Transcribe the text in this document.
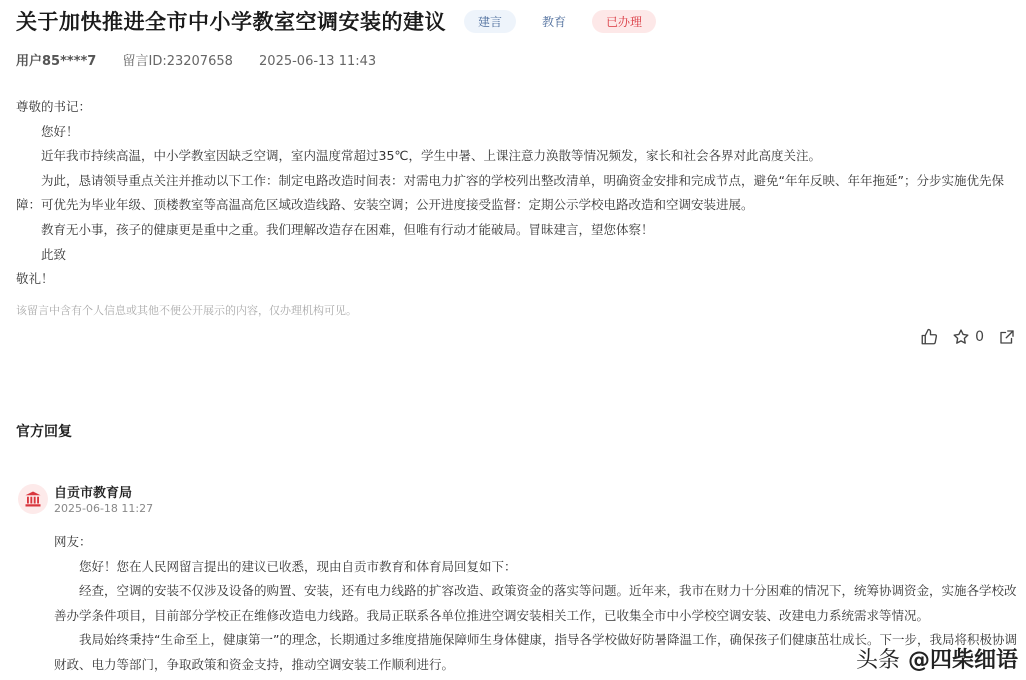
关于加快推进全市中小学教室空调安装的建议	建言	教育	已办理
用户85****7 留言ID:23207658 2025-06-13 11:43

尊敬的书记：

您好！

近年我市持续高温，中小学教室因缺乏空调，室内温度常超过35℃，学生中暑、上课注意力涣散等情况频发，家长和社会各界对此高度关注。

为此，恳请领导重点关注并推动以下工作：制定电路改造时间表：对需电力扩容的学校列出整改清单，明确资金安排和完成节点，避免“年年反映、年年拖延”；分步实施优先保障：可优先为毕业年级、顶楼教室等高温高危区域改造线路、安装空调；公开进度接受监督：定期公示学校电路改造和空调安装进展。

教育无小事，孩子的健康更是重中之重。我们理解改造存在困难，但唯有行动才能破局。冒昧建言，望您体察！

此致

敬礼！

该留言中含有个人信息或其他不便公开展示的内容，仅办理机构可见。
0
官方回复
自贡市教育局
2025-06-18 11:27

网友：

您好！您在人民网留言提出的建议已收悉，现由自贡市教育和体育局回复如下：

经查，空调的安装不仅涉及设备的购置、安装，还有电力线路的扩容改造、政策资金的落实等问题。近年来，我市在财力十分困难的情况下，统筹协调资金，实施各学校改善办学条件项目，目前部分学校正在维修改造电力线路。我局正联系各单位推进空调安装相关工作，已收集全市中小学校空调安装、改建电力系统需求等情况。

我局始终秉持“生命至上，健康第一”的理念，长期通过多维度措施保障师生身体健康，指导各学校做好防暑降温工作，确保孩子们健康茁壮成长。下一步，我局将积极协调财政、电力等部门，争取政策和资金支持，推动空调安装工作顺利进行。	头条 @四柴细语
